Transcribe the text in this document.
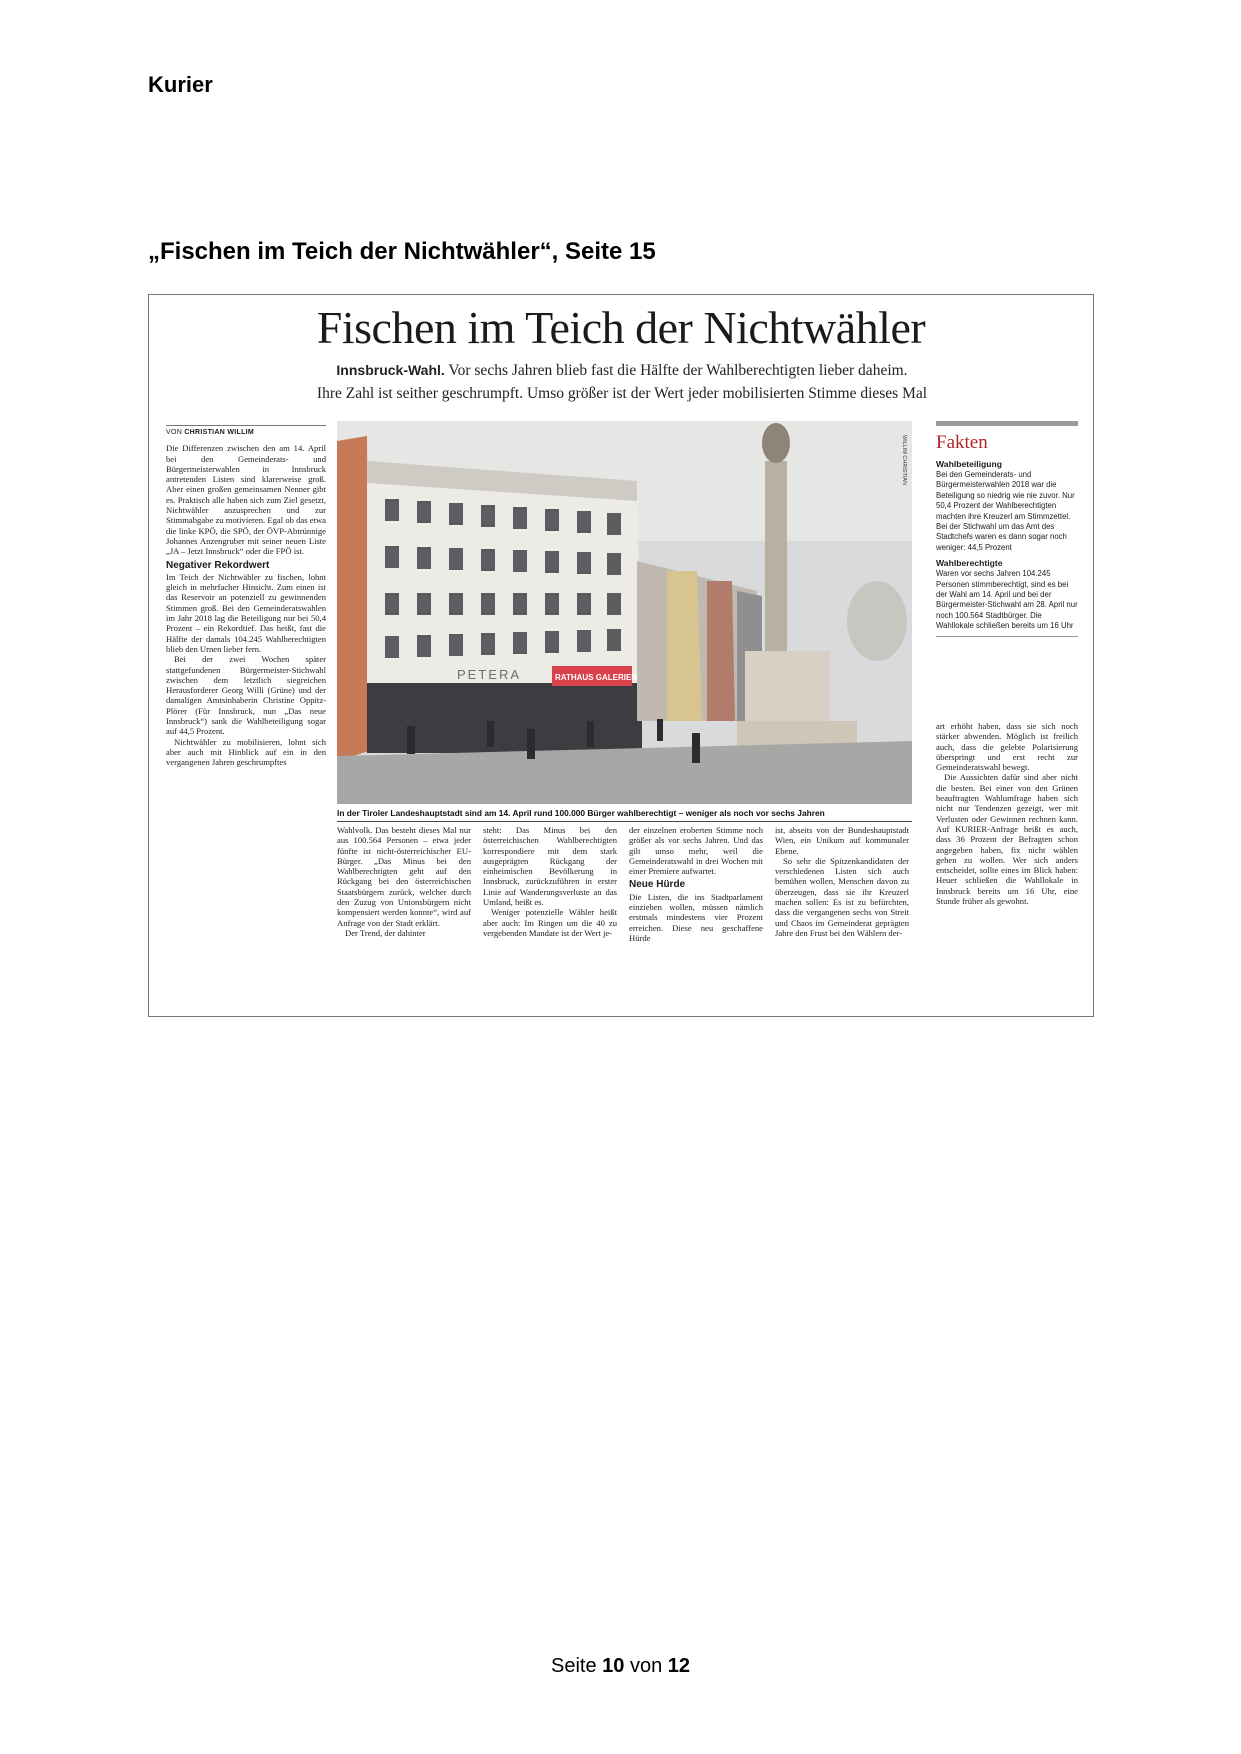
Kurier
„Fischen im Teich der Nichtwähler“, Seite 15
Fischen im Teich der Nichtwähler
Innsbruck-Wahl. Vor sechs Jahren blieb fast die Hälfte der Wahlberechtigten lieber daheim.
Ihre Zahl ist seither geschrumpft. Umso größer ist der Wert jeder mobilisierten Stimme dieses Mal
VON CHRISTIAN WILLIM

Die Differenzen zwischen den am 14. April bei den Gemeinderats- und Bürgermeisterwahlen in Innsbruck antretenden Listen sind klarerweise groß. Aber einen großen gemeinsamen Nenner gibt es. Praktisch alle haben sich zum Ziel gesetzt, Nichtwähler anzusprechen und zur Stimmabgabe zu motivieren. Egal ob das etwa die linke KPÖ, die SPÖ, der ÖVP-Abtrünnige Johannes Anzengruber mit seiner neuen Liste „JA – Jetzt Innsbruck“ oder die FPÖ ist.

Negativer Rekordwert

Im Teich der Nichtwähler zu fischen, lohnt gleich in mehrfacher Hinsicht. Zum einen ist das Reservoir an potenziell zu gewinnenden Stimmen groß. Bei den Gemeinderatswahlen im Jahr 2018 lag die Beteiligung nur bei 50,4 Prozent – ein Rekordtief. Das heißt, fast die Hälfte der damals 104.245 Wahlberechtigten blieb den Urnen lieber fern.

Bei der zwei Wochen später stattgefundenen Bürgermeister-Stichwahl zwischen dem letztlich siegreichen Herausforderer Georg Willi (Grüne) und der damaligen Amtsinhaberin Christine Oppitz-Plörer (Für Innsbruck, nun „Das neue Innsbruck“) sank die Wahlbeteiligung sogar auf 44,5 Prozent.

Nichtwähler zu mobilisieren, lohnt sich aber auch mit Hinblick auf ein in den vergangenen Jahren geschrumpftes

PETERA	RATHAUS GALERIEN
WILLIM CHRISTIAN
In der Tiroler Landeshauptstadt sind am 14. April rund 100.000 Bürger wahlberechtigt – weniger als noch vor sechs Jahren
Fakten
Wahlbeteiligung

Bei den Gemeinderats- und Bürgermeisterwahlen 2018 war die Beteiligung so niedrig wie nie zuvor. Nur 50,4 Prozent der Wahlberechtigten machten ihre Kreuzerl am Stimmzettel. Bei der Stichwahl um das Amt des Stadtchefs waren es dann sogar noch weniger: 44,5 Prozent

Wahlberechtigte

Waren vor sechs Jahren 104.245 Personen stimmberechtigt, sind es bei der Wahl am 14. April und bei der Bürgermeister-Stichwahl am 28. April nur noch 100.564 Stadtbürger. Die Wahllokale schließen bereits um 16 Uhr

Wahlvolk. Das besteht dieses Mal nur aus 100.564 Personen – etwa jeder fünfte ist nicht-österreichischer EU-Bürger. „Das Minus bei den Wahlberechtigten geht auf den Rückgang bei den österreichischen Staatsbürgern zurück, welcher durch den Zuzug von Unionsbürgern nicht kompensiert werden konnte“, wird auf Anfrage von der Stadt erklärt.

Der Trend, der dahinter

steht: Das Minus bei den österreichischen Wahlberechtigten korrespondiere mit dem stark ausgeprägten Rückgang der einheimischen Bevölkerung in Innsbruck, zurückzuführen in erster Linie auf Wanderungsverluste an das Umland, heißt es.

Weniger potenzielle Wähler heißt aber auch: Im Ringen um die 40 zu vergebenden Mandate ist der Wert je-

der einzelnen eroberten Stimme noch größer als vor sechs Jahren. Und das gilt umso mehr, weil die Gemeinderatswahl in drei Wochen mit einer Premiere aufwartet.

Neue Hürde

Die Listen, die ins Stadtparlament einziehen wollen, müssen nämlich erstmals mindestens vier Prozent erreichen. Diese neu geschaffene Hürde

ist, abseits von der Bundeshauptstadt Wien, ein Unikum auf kommunaler Ebene.

So sehr die Spitzenkandidaten der verschiedenen Listen sich auch bemühen wollen, Menschen davon zu überzeugen, dass sie ihr Kreuzerl machen sollen: Es ist zu befürchten, dass die vergangenen sechs von Streit und Chaos im Gemeinderat geprägten Jahre den Frust bei den Wählern der-

art erhöht haben, dass sie sich noch stärker abwenden. Möglich ist freilich auch, dass die gelebte Polarisierung überspringt und erst recht zur Gemeinderatswahl bewegt.

Die Aussichten dafür sind aber nicht die besten. Bei einer von den Grünen beauftragten Wahlumfrage haben sich nicht nur Tendenzen gezeigt, wer mit Verlusten oder Gewinnen rechnen kann. Auf KURIER-Anfrage heißt es auch, dass 36 Prozent der Befragten schon angegeben haben, fix nicht wählen gehen zu wollen. Wer sich anders entscheidet, sollte eines im Blick haben: Heuer schließen die Wahllokale in Innsbruck bereits um 16 Uhr, eine Stunde früher als gewohnt.

Seite 10 von 12
